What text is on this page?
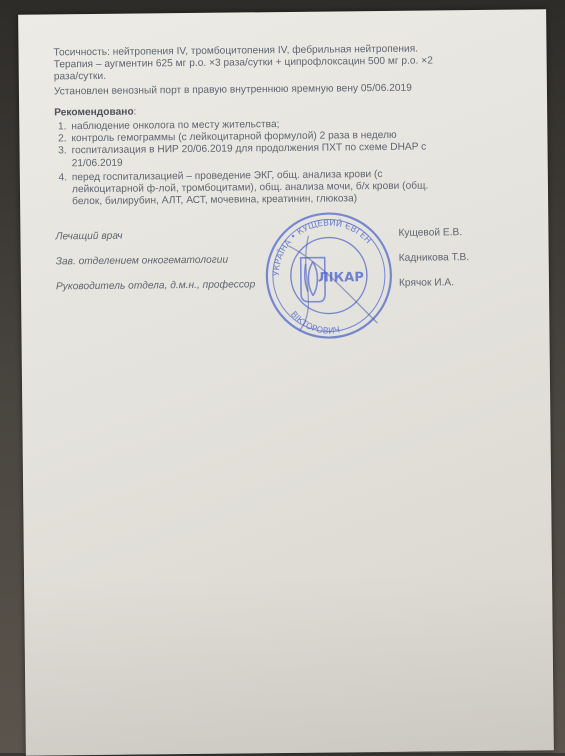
Тосичность: нейтропения IV, тромбоцитопения IV, фебрильная нейтропения.
Терапия – аугментин 625 мг р.о. ×3 раза/сутки + ципрофлоксацин 500 мг р.о. ×2
раза/сутки.
Установлен венозный порт в правую внутреннюю яремную вену 05/06.2019
Рекомендовано:
1. наблюдение онколога по месту жительства;
2. контроль гемограммы (с лейкоцитарной формулой) 2 раза в неделю
3. госпитализация в НИР 20/06.2019 для продолжения ПХТ по схеме DHAP с
21/06.2019
4. перед госпитализацией – проведение ЭКГ, общ. анализа крови (с
лейкоцитарной ф-лой, тромбоцитами), общ. анализа мочи, б/х крови (общ.
белок, билирубин, АЛТ, АСТ, мочевина, креатинин, глюкоза)
Лечащий врач	Кущевой Е.В.
Зав. отделением онкогематологии	Кадникова Т.В.
Руководитель отдела, д.м.н., профессор	Крячок И.А.
УКРАЇНА • КУЩЕВИЙ ЄВГЕН
ВІКТОРОВИЧ
ЛІКАР
